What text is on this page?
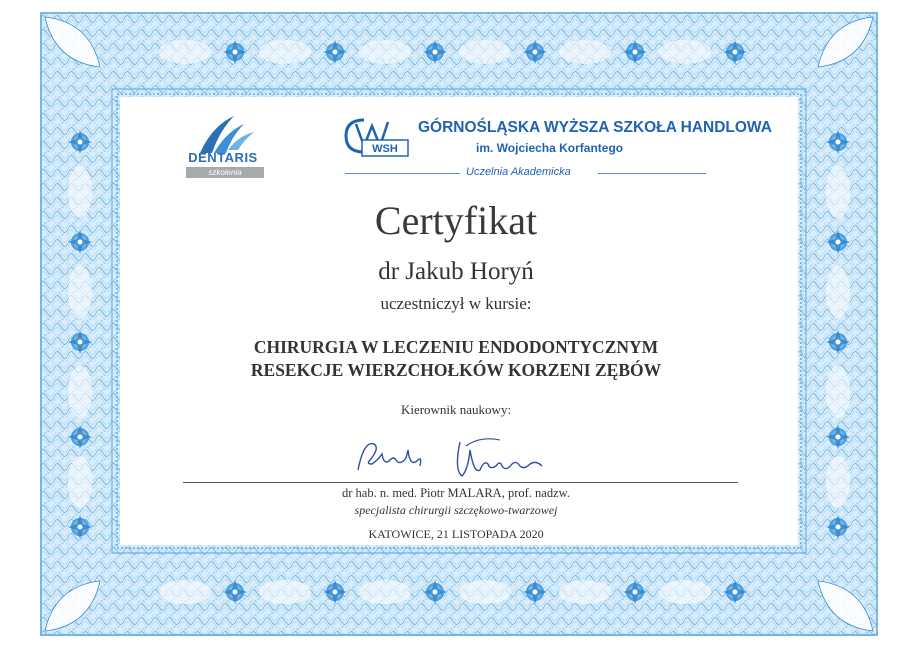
DENTARIS
szkolenia
WSH
GÓRNOŚLĄSKA WYŻSZA SZKOŁA HANDLOWA
im. Wojciecha Korfantego
Uczelnia Akademicka
Certyfikat
dr Jakub Horyń
uczestniczył w kursie:
CHIRURGIA W LECZENIU ENDODONTYCZNYM
RESEKCJE WIERZCHOŁKÓW KORZENI ZĘBÓW
Kierownik naukowy:
dr hab. n. med. Piotr MALARA, prof. nadzw.
specjalista chirurgii szczękowo-twarzowej
KATOWICE, 21 LISTOPADA 2020
